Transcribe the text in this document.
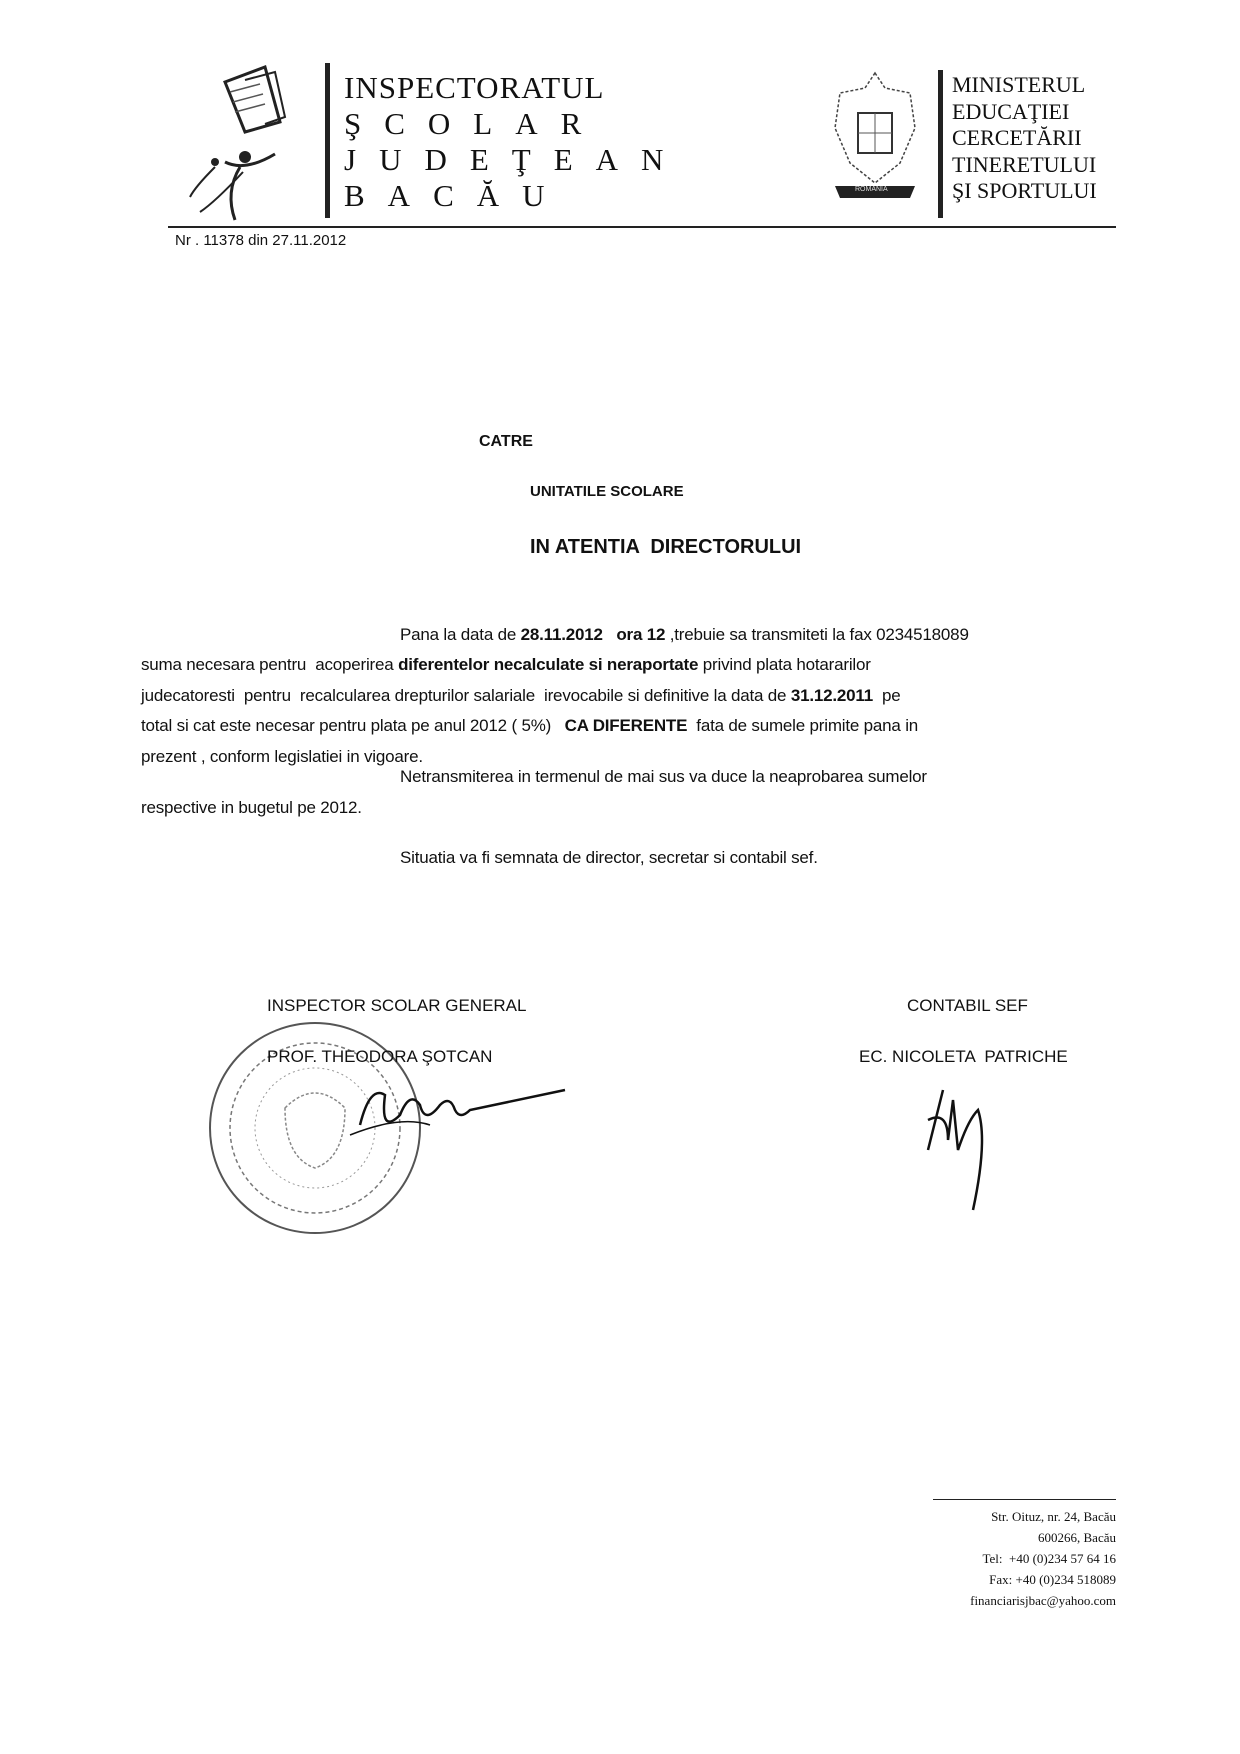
INSPECTORATUL
ŞCOLAR
JUDEŢEAN
BACĂU	ROMANIA
MINISTERUL
EDUCAŢIEI
CERCETĂRII
TINERETULUI
ŞI SPORTULUI
Nr . 11378 din 27.11.2012
CATRE
UNITATILE SCOLARE
IN ATENTIA  DIRECTORULUI

Pana la data de 28.11.2012   ora 12 ,trebuie sa transmiteti la fax 0234518089
suma necesara pentru  acoperirea diferentelor necalculate si neraportate privind plata hotararilor
judecatoresti  pentru  recalcularea drepturilor salariale  irevocabile si definitive la data de 31.12.2011  pe
total si cat este necesar pentru plata pe anul 2012 ( 5%)   CA DIFERENTE  fata de sumele primite pana in
prezent , conform legislatiei in vigoare.

Netransmiterea in termenul de mai sus va duce la neaprobarea sumelor
respective in bugetul pe 2012.
Situatia va fi semnata de director, secretar si contabil sef.
INSPECTOR SCOLAR GENERAL
PROF. THEODORA ŞOTCAN
CONTABIL SEF
EC. NICOLETA  PATRICHE
Str. Oituz, nr. 24, Bacău
600266, Bacău
Tel:  +40 (0)234 57 64 16
Fax: +40 (0)234 518089
financiarisjbac@yahoo.com
